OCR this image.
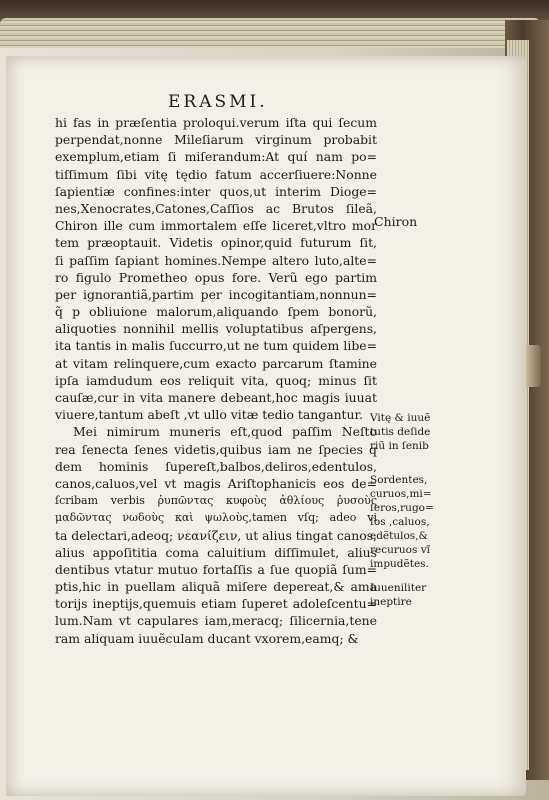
ERASMI.
hi fas in præſentia proloqui.verum iſta qui ſecum
perpendat,nonne Mileſiarum virginum probabit
exemplum,etiam ſi miſerandum:At quí nam po=
tiſſimum ſibi vitę tędio fatum accerſiuere:Nonne
ſapientiæ confines:inter quos,ut interim Dioge=
nes,Xenocrates,Catones,Caſſios ac Brutos ſileã,
Chiron ille cum immortalem eſſe liceret,vltro mor
tem præoptauit. Videtis opinor,quid futurum ſit,
ſi paſſim ſapiant homines.Nempe altero luto,alte=
ro figulo Prometheo opus fore. Verũ ego partim
per ignorantiã,partim per incogitantiam,nonnun=
q̃ p obliuione malorum,aliquando ſpem bonorũ,
aliquoties nonnihil mellis voluptatibus aſpergens,
ita tantis in malis ſuccurro,ut ne tum quidem libe=
at vitam relinquere,cum exacto parcarum ſtamine
ipſa iamdudum eos reliquit vita, quoq; minus ſit
cauſæ,cur in vita manere debeant,hoc magis iuuat
viuere,tantum abeſt ,vt ullo vitæ tedio tangantur.
Mei nimirum muneris eſt,quod paſſim Neſto
rea ſenecta ſenes videtis,quibus iam ne ſpecies q
dem hominis ſupereſt,balbos,deliros,edentulos,
canos,caluos,vel vt magis Ariſtophanicis eos de=
ſcribam verbis ῥυπῶντας κυφοὺς ἀθλίους ῥυσοὺς
μαδῶντας νωδοὺς καὶ ψωλοὺς,tamen vſq; adeo vi
ta delectari,adeoq; νεανίζειν, ut alius tingat canos,
alius appoſititia coma caluitium diſſimulet, alius
dentibus vtatur mutuo fortaſſis a ſue quopiã ſum=
ptis,hic in puellam aliquã miſere depereat,& ama
torijs ineptijs,quemuis etiam ſuperet adoleſcentu=
lum.Nam vt capulares iam,meracq; ſilicernia,tene
ram aliquam iuuẽculam ducant vxorem,eamq; &
Chiron
Vitę & iuuẽ
tutis deſide
riũ in ſenib
Sordentes,
curuos,mi=
ſeros,rugo=
ſos ,caluos,
edẽtulos,&
recuruos vĩ
impudẽtes.
Iuueniliter
ineptire
